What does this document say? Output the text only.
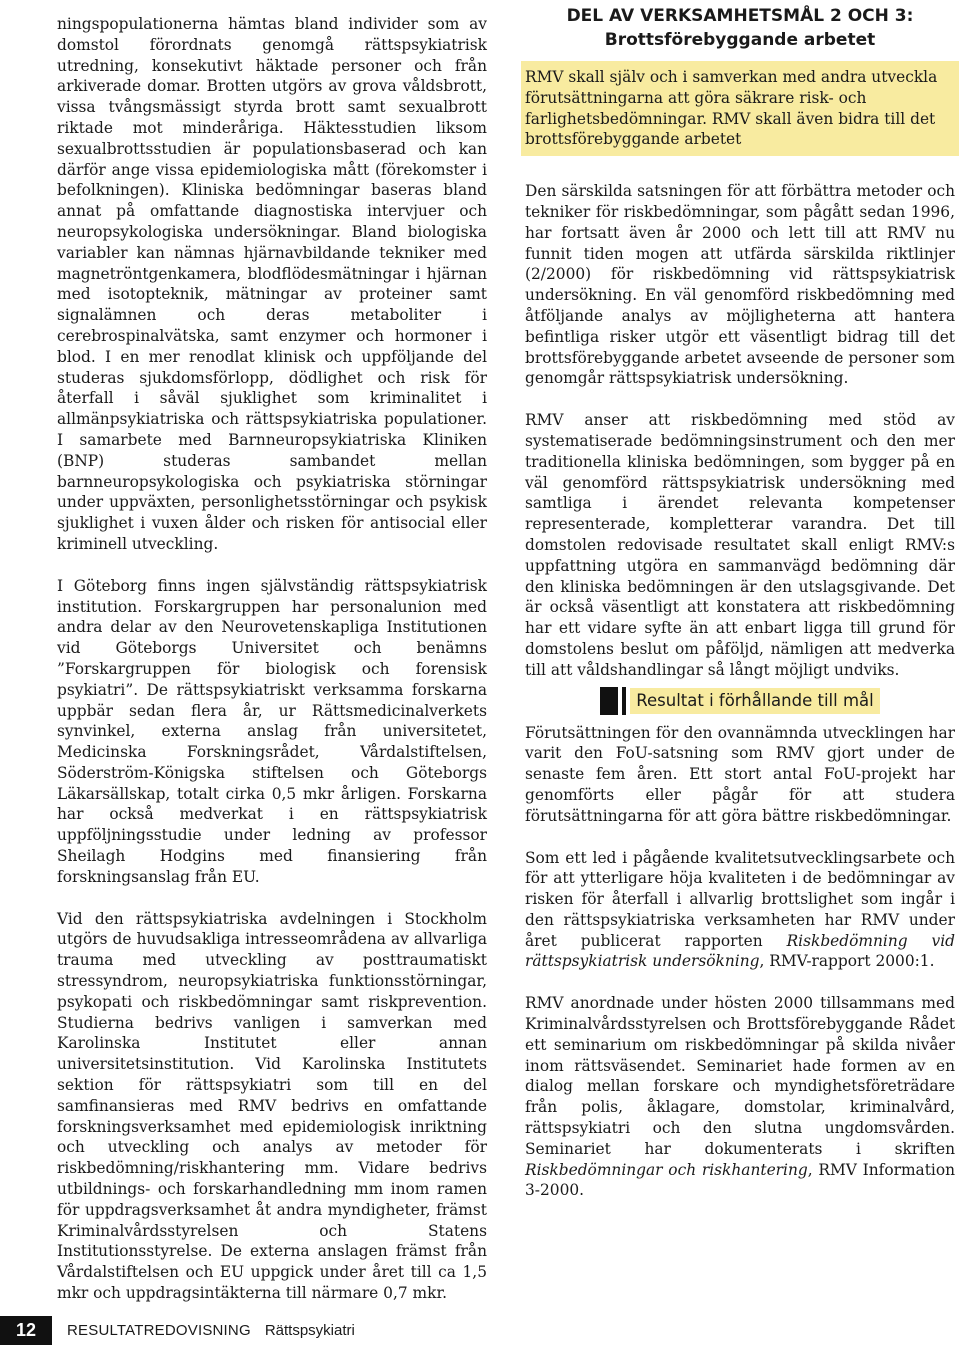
ningspopulationerna hämtas bland individer som av domstol förordnats genomgå rättspsykiatrisk utredning, konsekutivt häktade personer och från arkiverade domar. Brotten utgörs av grova våldsbrott, vissa tvångsmässigt styrda brott samt sexualbrott riktade mot minderåriga. Häktesstudien liksom sexualbrottsstudien är populationsbaserad och kan därför ange vissa epidemiologiska mått (förekomster i befolkningen). Kliniska bedömningar baseras bland annat på omfattande diagnostiska intervjuer och neuropsykologiska undersökningar. Bland biologiska variabler kan nämnas hjärnavbildande tekniker med magnetröntgenkamera, blodflödesmätningar i hjärnan med isotopteknik, mätningar av proteiner samt signalämnen och deras metaboliter i cerebrospinalvätska, samt enzymer och hormoner i blod. I en mer renodlat klinisk och uppföljande del studeras sjukdomsförlopp, dödlighet och risk för återfall i såväl sjuklighet som kriminalitet i allmänpsykiatriska och rättspsykiatriska populationer. I samarbete med Barnneuropsykiatriska Kliniken (BNP) studeras sambandet mellan barnneuropsykologiska och psykiatriska störningar under uppväxten, personlighetsstörningar och psykisk sjuklighet i vuxen ålder och risken för antisocial eller kriminell utveckling.

I Göteborg finns ingen självständig rättspsykiatrisk institution. Forskargruppen har personalunion med andra delar av den Neurovetenskapliga Institutionen vid Göteborgs Universitet och benämns ”Forskargruppen för biologisk och forensisk psykiatri”. De rättspsykiatriskt verksamma forskarna uppbär sedan flera år, ur Rättsmedicinalverkets synvinkel, externa anslag från universitetet, Medicinska Forskningsrådet, Vårdalstiftelsen, Söderström-Königska stiftelsen och Göteborgs Läkarsällskap, totalt cirka 0,5 mkr årligen. Forskarna har också medverkat i en rättspsykiatrisk uppföljningsstudie under ledning av professor Sheilagh Hodgins med finansiering från forskningsanslag från EU.

Vid den rättspsykiatriska avdelningen i Stockholm utgörs de huvudsakliga intresseområdena av allvarliga trauma med utveckling av posttraumatiskt stressyndrom, neuropsykiatriska funktionsstörningar, psykopati och riskbedömningar samt riskprevention. Studierna bedrivs vanligen i samverkan med Karolinska Institutet eller annan universitetsinstitution. Vid Karolinska Institutets sektion för rättspsykiatri som till en del samfinansieras med RMV bedrivs en omfattande forskningsverksamhet med epidemiologisk inriktning och utveckling och analys av metoder för riskbedömning/riskhantering mm. Vidare bedrivs utbildnings- och forskarhandledning mm inom ramen för uppdragsverksamhet åt andra myndigheter, främst Kriminalvårdsstyrelsen och Statens Institutionsstyrelse. De externa anslagen främst från Vårdalstiftelsen och EU uppgick under året till ca 1,5 mkr och uppdragsintäkterna till närmare 0,7 mkr.

DEL AV VERKSAMHETSMÅL 2 OCH 3:
Brottsförebyggande arbetet
RMV skall själv och i samverkan med andra utveckla förutsättningarna att göra säkrare risk- och farlighetsbedömningar. RMV skall även bidra till det brottsförebyggande arbetet

Den särskilda satsningen för att förbättra metoder och tekniker för riskbedömningar, som pågått sedan 1996, har fortsatt även år 2000 och lett till att RMV nu funnit tiden mogen att utfärda särskilda riktlinjer (2/2000) för riskbedömning vid rättspsykiatrisk undersökning. En väl genomförd riskbedömning med åtföljande analys av möjligheterna att hantera befintliga risker utgör ett väsentligt bidrag till det brottsförebyggande arbetet avseende de personer som genomgår rättspsykiatrisk undersökning.

RMV anser att riskbedömning med stöd av systematiserade bedömningsinstrument och den mer traditionella kliniska bedömningen, som bygger på en väl genomförd rättspsykiatrisk undersökning med samtliga i ärendet relevanta kompetenser representerade, kompletterar varandra. Det till domstolen redovisade resultatet skall enligt RMV:s uppfattning utgöra en sammanvägd bedömning där den kliniska bedömningen är den utslagsgivande. Det är också väsentligt att konstatera att riskbedömning har ett vidare syfte än att enbart ligga till grund för domstolens beslut om påföljd, nämligen att medverka till att våldshandlingar så långt möjligt undviks.

Resultat i förhållande till mål

Förutsättningen för den ovannämnda utvecklingen har varit den FoU-satsning som RMV gjort under de senaste fem åren. Ett stort antal FoU-projekt har genomförts eller pågår för att studera förutsättningarna för att göra bättre riskbedömningar.

Som ett led i pågående kvalitetsutvecklingsarbete och för att ytterligare höja kvaliteten i de bedömningar av risken för återfall i allvarlig brottslighet som ingår i den rättspsykiatriska verksamheten har RMV under året publicerat rapporten Riskbedömning vid rättspsykiatrisk undersökning, RMV-rapport 2000:1.

RMV anordnade under hösten 2000 tillsammans med Kriminalvårdsstyrelsen och Brottsförebyggande Rådet ett seminarium om riskbedömningar på skilda nivåer inom rättsväsendet. Seminariet hade formen av en dialog mellan forskare och myndighetsföreträdare från polis, åklagare, domstolar, kriminalvård, rättspsykiatri och den slutna ungdomsvården. Seminariet har dokumenterats i skriften Riskbedömningar och riskhantering, RMV Information 3-2000.

12	RESULTATREDOVISNING Rättspsykiatri
